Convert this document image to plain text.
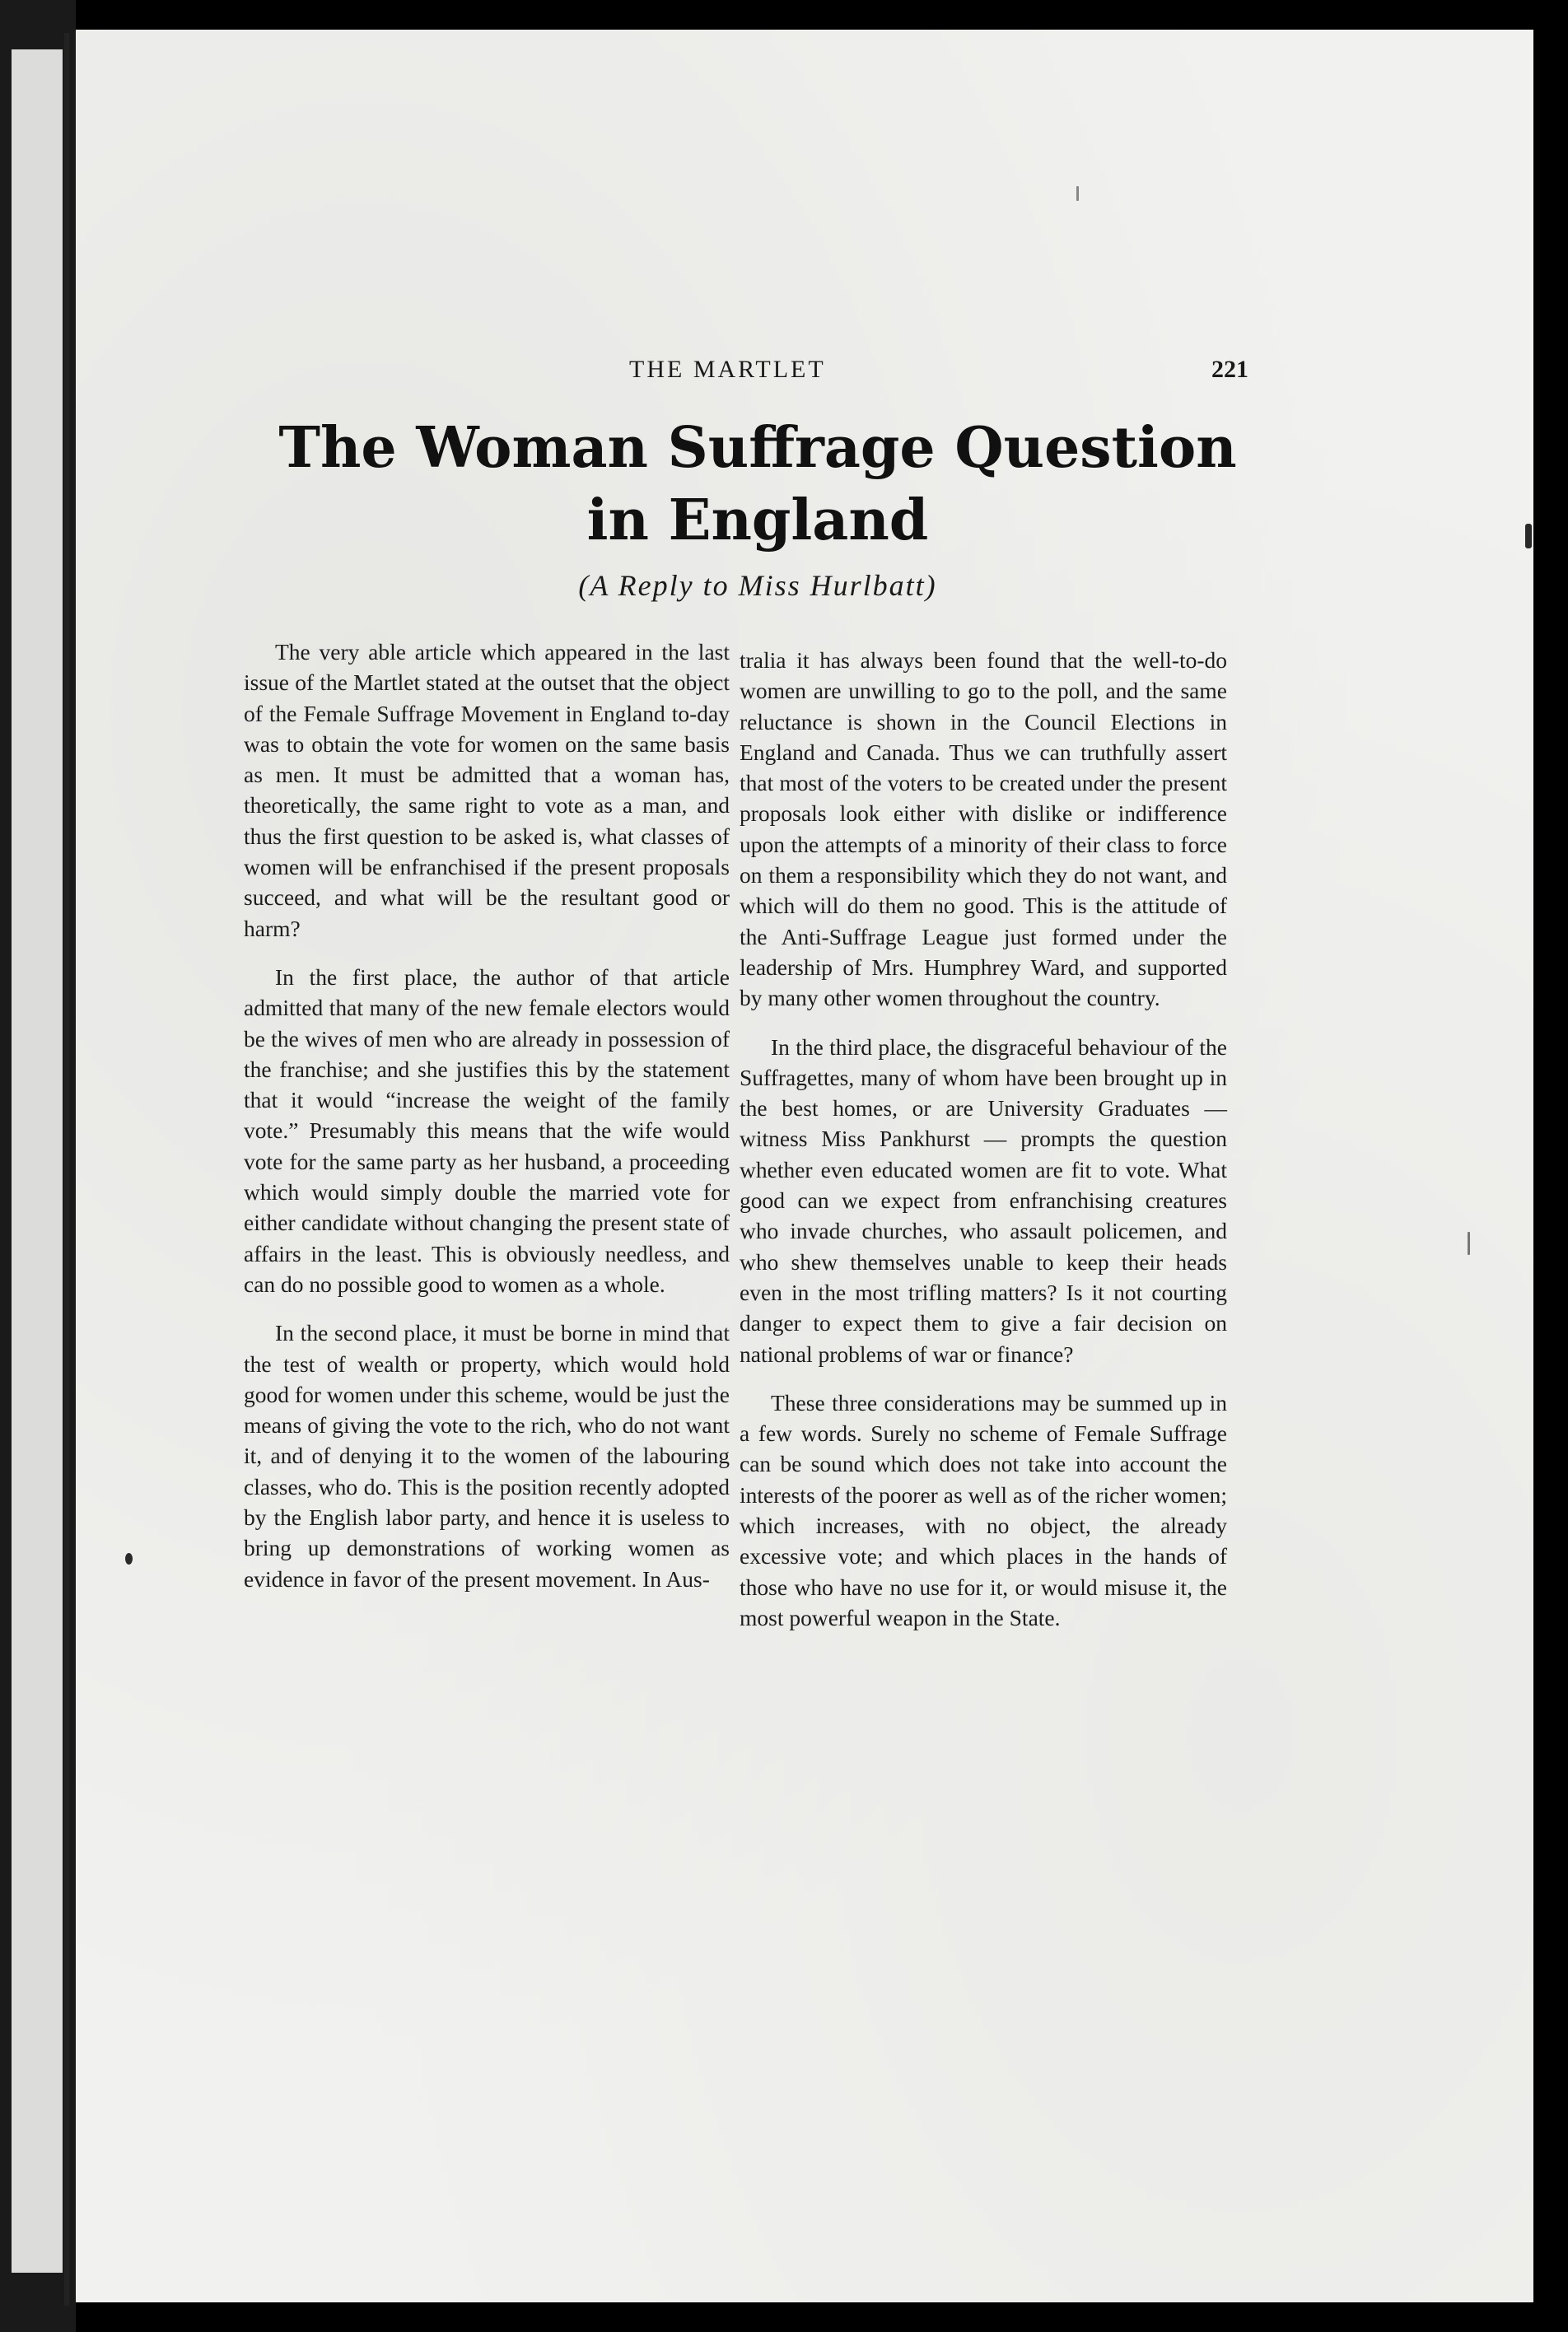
THE MARTLET	221
The Woman Suffrage Question in England
(A Reply to Miss Hurlbatt)

The very able article which appeared in the last issue of the Martlet stated at the outset that the object of the Female Suffrage Movement in England to-day was to obtain the vote for women on the same basis as men. It must be admitted that a woman has, theoretically, the same right to vote as a man, and thus the first question to be asked is, what classes of women will be enfranchised if the present proposals succeed, and what will be the resultant good or harm?

In the first place, the author of that article admitted that many of the new female electors would be the wives of men who are already in possession of the franchise; and she justifies this by the statement that it would “increase the weight of the family vote.” Presumably this means that the wife would vote for the same party as her husband, a proceeding which would simply double the married vote for either candidate without changing the present state of affairs in the least. This is obviously needless, and can do no possible good to women as a whole.

In the second place, it must be borne in mind that the test of wealth or property, which would hold good for women under this scheme, would be just the means of giving the vote to the rich, who do not want it, and of denying it to the women of the labouring classes, who do. This is the position recently adopted by the English labor party, and hence it is useless to bring up demonstrations of working women as evidence in favor of the present movement. In Aus-

tralia it has always been found that the well-to-do women are unwilling to go to the poll, and the same reluctance is shown in the Council Elections in England and Canada. Thus we can truthfully assert that most of the voters to be created under the present proposals look either with dislike or indifference upon the attempts of a minority of their class to force on them a responsibility which they do not want, and which will do them no good. This is the attitude of the Anti-Suffrage League just formed under the leadership of Mrs. Humphrey Ward, and supported by many other women throughout the country.

In the third place, the disgraceful behaviour of the Suffragettes, many of whom have been brought up in the best homes, or are University Graduates — witness Miss Pankhurst — prompts the question whether even educated women are fit to vote. What good can we expect from enfranchising creatures who invade churches, who assault policemen, and who shew themselves unable to keep their heads even in the most trifling matters? Is it not courting danger to expect them to give a fair decision on national problems of war or finance?

These three considerations may be summed up in a few words. Surely no scheme of Female Suffrage can be sound which does not take into account the interests of the poorer as well as of the richer women; which increases, with no object, the already excessive vote; and which places in the hands of those who have no use for it, or would misuse it, the most powerful weapon in the State.
